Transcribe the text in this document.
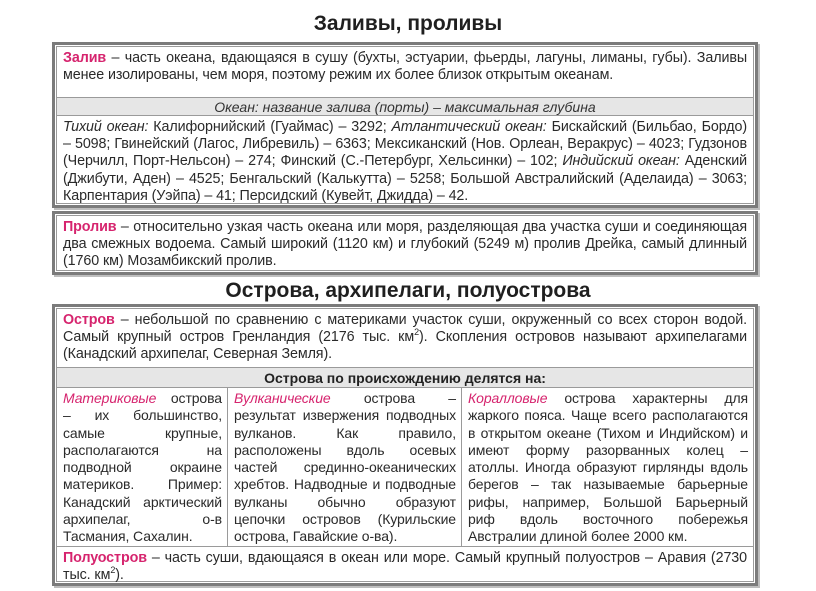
Заливы, проливы

Залив – часть океана, вдающаяся в сушу (бухты, эстуарии, фьерды, лагуны, лиманы, губы). Заливы менее изолированы, чем моря, поэтому режим их более близок открытым океанам.

Океан: название залива (порты) – максимальная глубина

Тихий океан: Калифорнийский (Гуаймас) – 3292; Атлантический океан: Бискайский (Бильбао, Бордо) – 5098; Гвинейский (Лагос, Либревиль) – 6363; Мексиканский (Нов. Орлеан, Веракрус) – 4023; Гудзонов (Черчилл, Порт-Нельсон) – 274; Финский (С.-Петербург, Хельсинки) – 102; Индийский океан: Аденский (Джибути, Аден) – 4525; Бенгальский (Калькутта) – 5258; Большой Австралийский (Аделаида) – 3063; Карпентария (Уэйпа) – 41; Персидский (Кувейт, Джидда) – 42.

Пролив – относительно узкая часть океана или моря, разделяющая два участка суши и соединяющая два смежных водоема. Самый широкий (1120 км) и глубокий (5249 м) пролив Дрейка, самый длинный (1760 км) Мозамбикский пролив.

Острова, архипелаги, полуострова

Остров – небольшой по сравнению с материками участок суши, окруженный со всех сторон водой. Самый крупный остров Гренландия (2176 тыс. $км^2$). Скопления островов называют архипелагами (Канадский архипелаг, Северная Земля).

Острова по происхождению делятся на:

Материковые острова – их большинство, самые крупные, располагаются на подводной окраине материков. Пример: Канадский арктический архипелаг, о-в Тасмания, Сахалин.

Вулканические острова – результат извержения подводных вулканов. Как правило, расположены вдоль осевых частей срединно-океанических хребтов. Надводные и подводные вулканы обычно образуют цепочки островов (Курильские острова, Гавайские о-ва).

Коралловые острова характерны для жаркого пояса. Чаще всего располагаются в открытом океане (Тихом и Индийском) и имеют форму разорванных колец – атоллы. Иногда образуют гирлянды вдоль берегов – так называемые барьерные рифы, например, Большой Барьерный риф вдоль восточного побережья Австралии длиной более 2000 км.

Полуостров – часть суши, вдающаяся в океан или море. Самый крупный полуостров – Аравия (2730 тыс. $км^2$).
